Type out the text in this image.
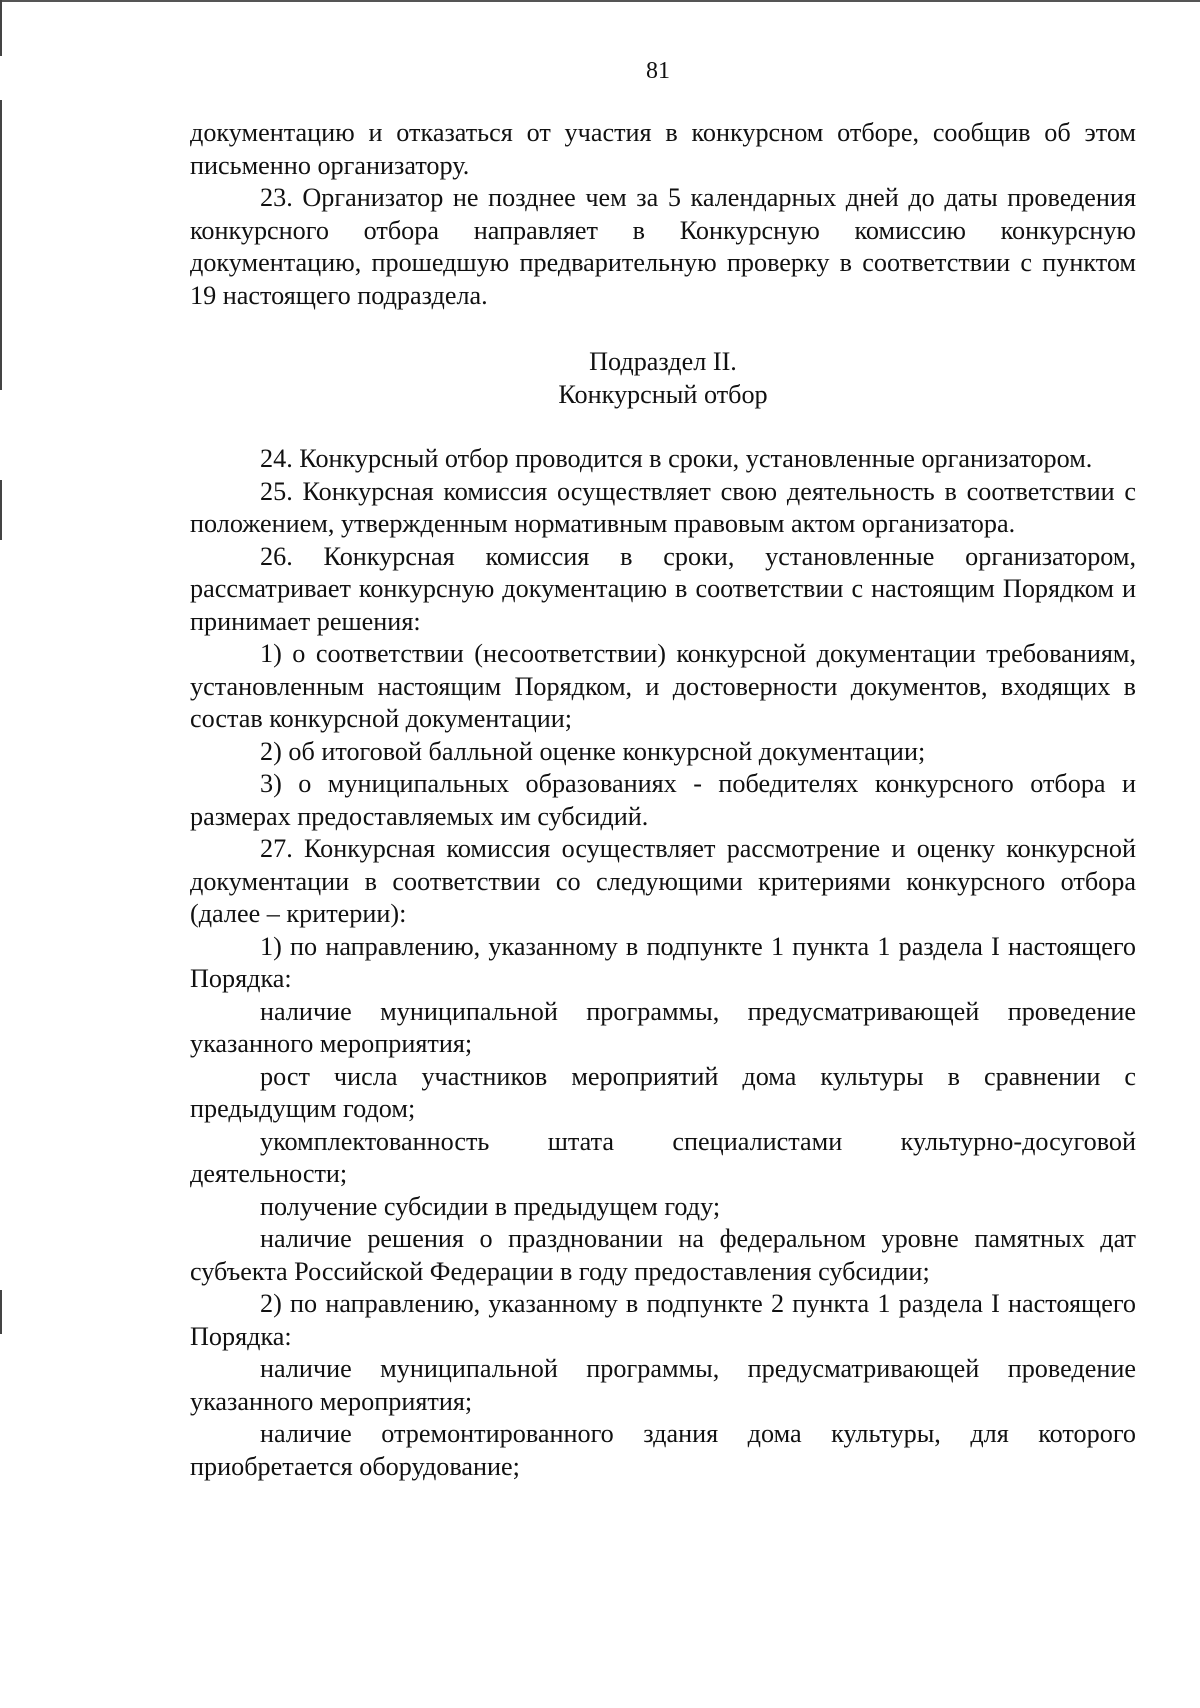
81

документацию и отказаться от участия в конкурсном отборе, сообщив об этом письменно организатору.

23. Организатор не позднее чем за 5 календарных дней до даты проведения конкурсного отбора направляет в Конкурсную комиссию конкурсную документацию, прошедшую предварительную проверку в соответствии с пунктом 19 настоящего подраздела.

Подраздел II.
Конкурсный отбор

24. Конкурсный отбор проводится в сроки, установленные организатором.

25. Конкурсная комиссия осуществляет свою деятельность в соответствии с положением, утвержденным нормативным правовым актом организатора.

26. Конкурсная комиссия в сроки, установленные организатором, рассматривает конкурсную документацию в соответствии с настоящим Порядком и принимает решения:

1) о соответствии (несоответствии) конкурсной документации требованиям, установленным настоящим Порядком, и достоверности документов, входящих в состав конкурсной документации;

2) об итоговой балльной оценке конкурсной документации;

3) о муниципальных образованиях - победителях конкурсного отбора и размерах предоставляемых им субсидий.

27. Конкурсная комиссия осуществляет рассмотрение и оценку конкурсной документации в соответствии со следующими критериями конкурсного отбора (далее – критерии):

1) по направлению, указанному в подпункте 1 пункта 1 раздела I настоящего Порядка:

наличие муниципальной программы, предусматривающей проведение указанного мероприятия;

рост числа участников мероприятий дома культуры в сравнении с предыдущим годом;

укомплектованность штата специалистами культурно-досуговой деятельности;

получение субсидии в предыдущем году;

наличие решения о праздновании на федеральном уровне памятных дат субъекта Российской Федерации в году предоставления субсидии;

2) по направлению, указанному в подпункте 2 пункта 1 раздела I настоящего Порядка:

наличие муниципальной программы, предусматривающей проведение указанного мероприятия;

наличие отремонтированного здания дома культуры, для которого приобретается оборудование;
